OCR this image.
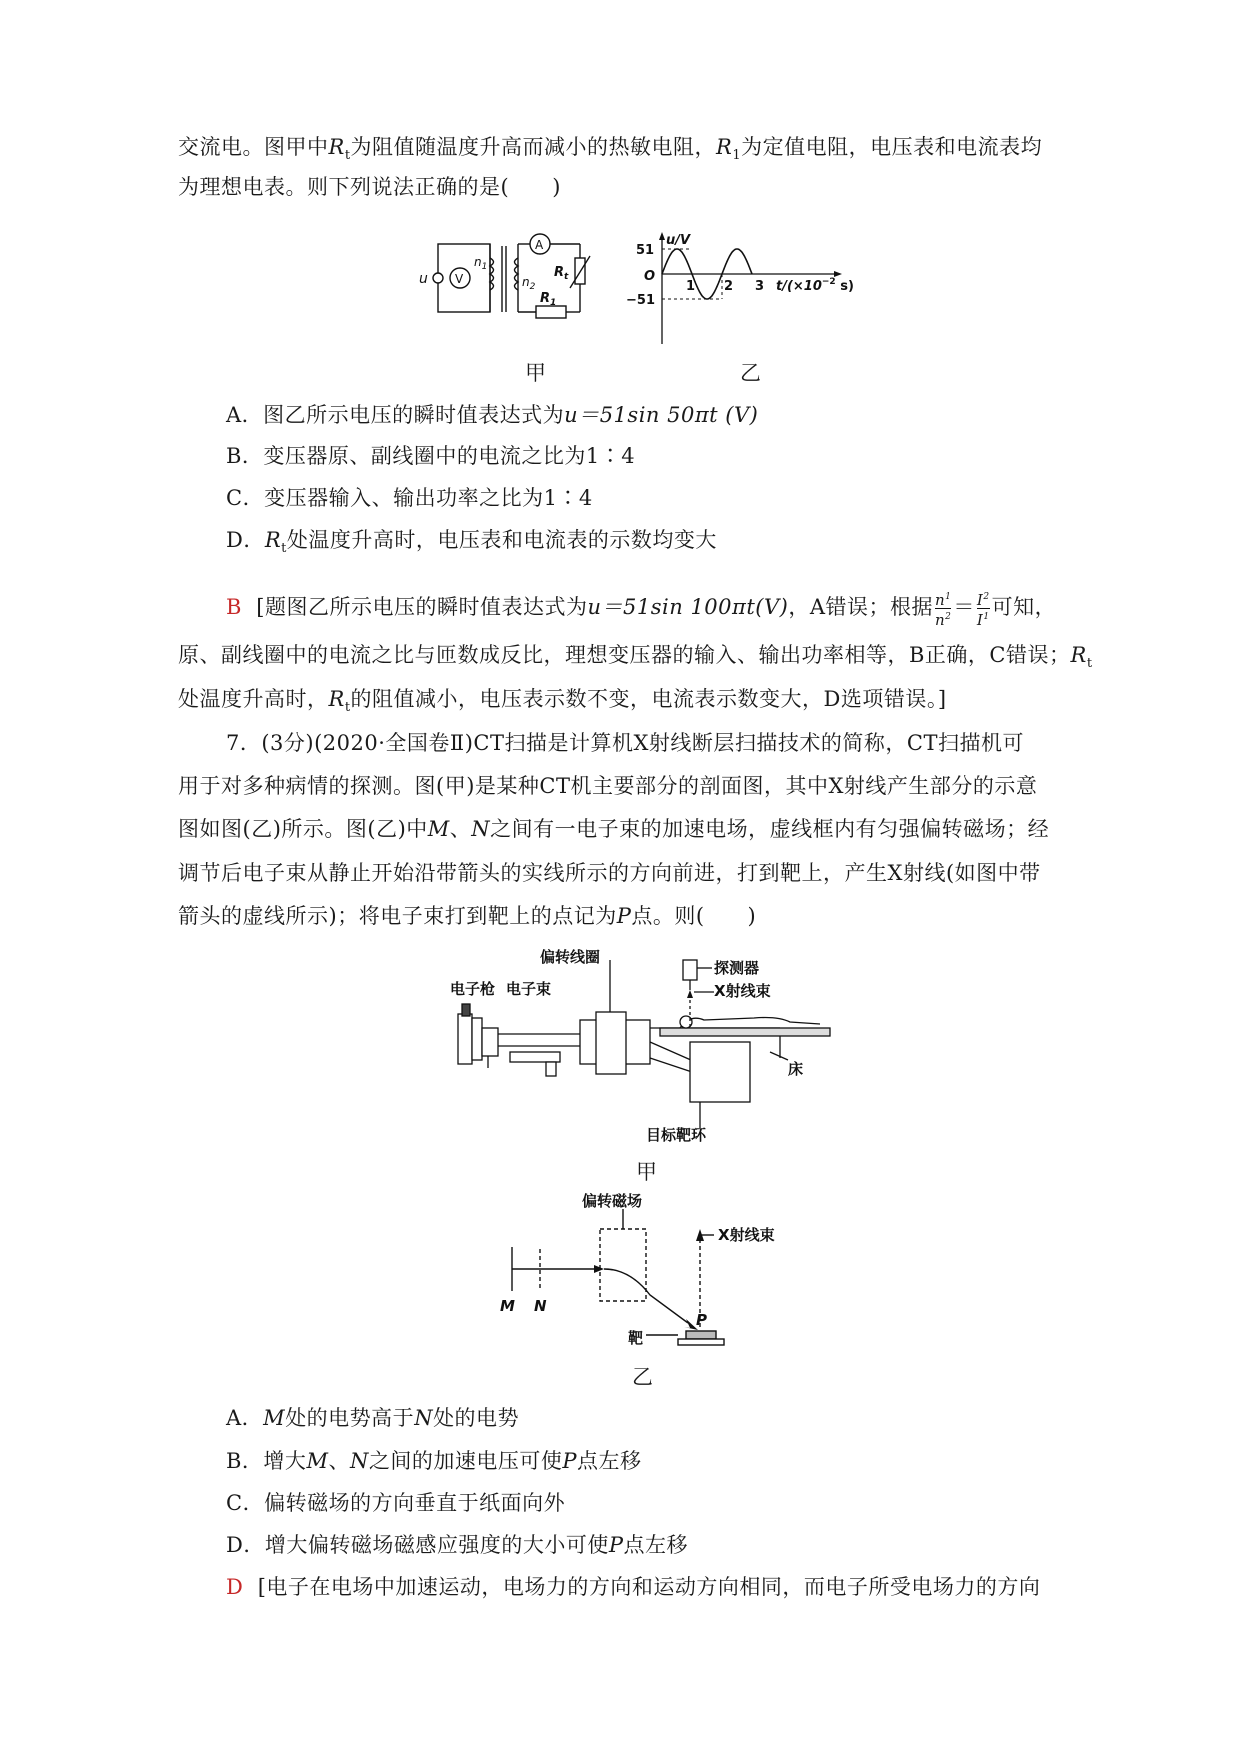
交流电。图甲中$R_t$为阻值随温度升高而减小的热敏电阻，$R_1$为定值电阻，电压表和电流表均
为理想电表。则下列说法正确的是(　　)
u V
A
$n_1$
$n_2$
$R_1$
$R_t$
u/V
51
−51
O
1 2 3 $t/(\times 10^{-2}$ s)
甲	乙
A．图乙所示电压的瞬时值表达式为u＝51sin 50πt (V)
B．变压器原、副线圈中的电流之比为1∶4
C．变压器输入、输出功率之比为1∶4
D．$R_t$处温度升高时，电压表和电流表的示数均变大
B [题图乙所示电压的瞬时值表达式为u＝51sin 100πt(V)，A错误；根据 $\frac{n^1}{n^2} = \frac{I^2}{I^1}$ 可知，
原、副线圈中的电流之比与匝数成反比，理想变压器的输入、输出功率相等，B正确，C错误；$R_t$
处温度升高时，$R_t$的阻值减小，电压表示数不变，电流表示数变大，D选项错误。]
7．(3分)(2020·全国卷Ⅱ)CT扫描是计算机X射线断层扫描技术的简称，CT扫描机可
用于对多种病情的探测。图(甲)是某种CT机主要部分的剖面图，其中X射线产生部分的示意
图如图(乙)所示。图(乙)中M、N之间有一电子束的加速电场，虚线框内有匀强偏转磁场；经
调节后电子束从静止开始沿带箭头的实线所示的方向前进，打到靶上，产生X射线(如图中带
箭头的虚线所示)；将电子束打到靶上的点记为P点。则(　　)
偏转线圈
探测器
电子枪 电子束	X射线束
床
目标靶环
甲
偏转磁场
X射线束
M N
P
靶
乙
A．M处的电势高于N处的电势
B．增大M、N之间的加速电压可使P点左移
C．偏转磁场的方向垂直于纸面向外
D．增大偏转磁场磁感应强度的大小可使P点左移
D [电子在电场中加速运动，电场力的方向和运动方向相同，而电子所受电场力的方向
